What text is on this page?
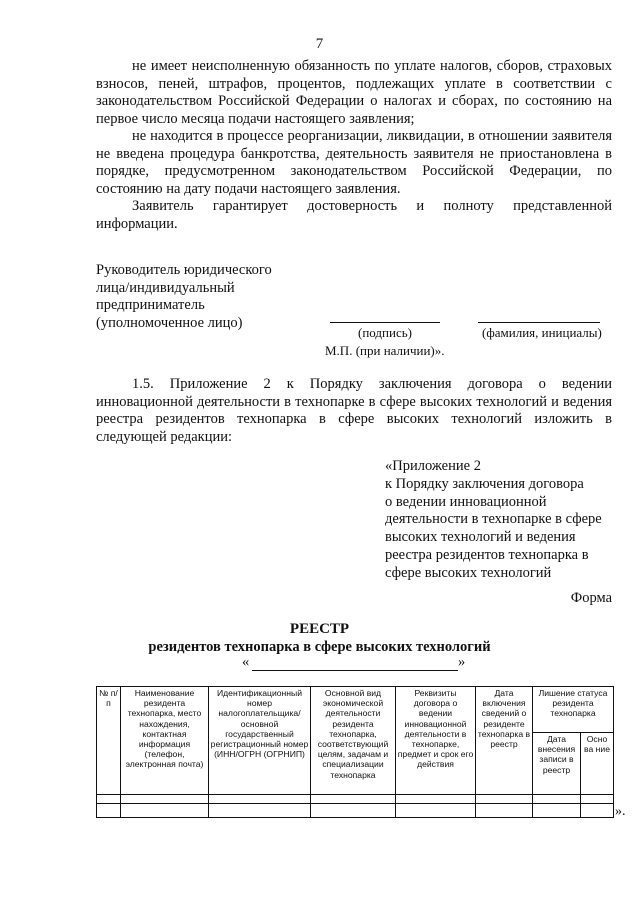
7

не имеет неисполненную обязанность по уплате налогов, сборов, страховых взносов, пеней, штрафов, процентов, подлежащих уплате в соответствии с законодательством Российской Федерации о налогах и сборах, по состоянию на первое число месяца подачи настоящего заявления;

не находится в процессе реорганизации, ликвидации, в отношении заявителя не введена процедура банкротства, деятельность заявителя не приостановлена в порядке, предусмотренном законодательством Российской Федерации, по состоянию на дату подачи настоящего заявления.

Заявитель гарантирует достоверность и полноту представленной информации.

Руководитель юридического
лица/индивидуальный
предприниматель
(уполномоченное лицо)
(подпись)	(фамилия, инициалы)
М.П. (при наличии)».

1.5. Приложение 2 к Порядку заключения договора о ведении инновационной деятельности в технопарке в сфере высоких технологий и ведения реестра резидентов технопарка в сфере высоких технологий изложить в следующей редакции:

«Приложение 2
к Порядку заключения договора
о ведении инновационной
деятельности в технопарке в сфере
высоких технологий и ведения
реестра резидентов технопарка в
сфере высоких технологий
Форма
РЕЕСТР
резидентов технопарка в сфере высоких технологий
«	»
№ п/п	Наименование резидента технопарка, место нахождения, контактная информация (телефон, электронная почта)	Идентификационный номер налогоплательщика/ основной государственный регистрационный номер (ИНН/ОГРН (ОГРНИП)	Основной вид экономической деятельности резидента технопарка, соответствующий целям, задачам и специализации технопарка	Реквизиты договора о ведении инновационной деятельности в технопарке, предмет и срок его действия	Дата включения сведений о резиденте технопарка в реестр	Лишение статуса резидента технопарка	
						Дата внесения записи в реестр	Осно ва ние

».
